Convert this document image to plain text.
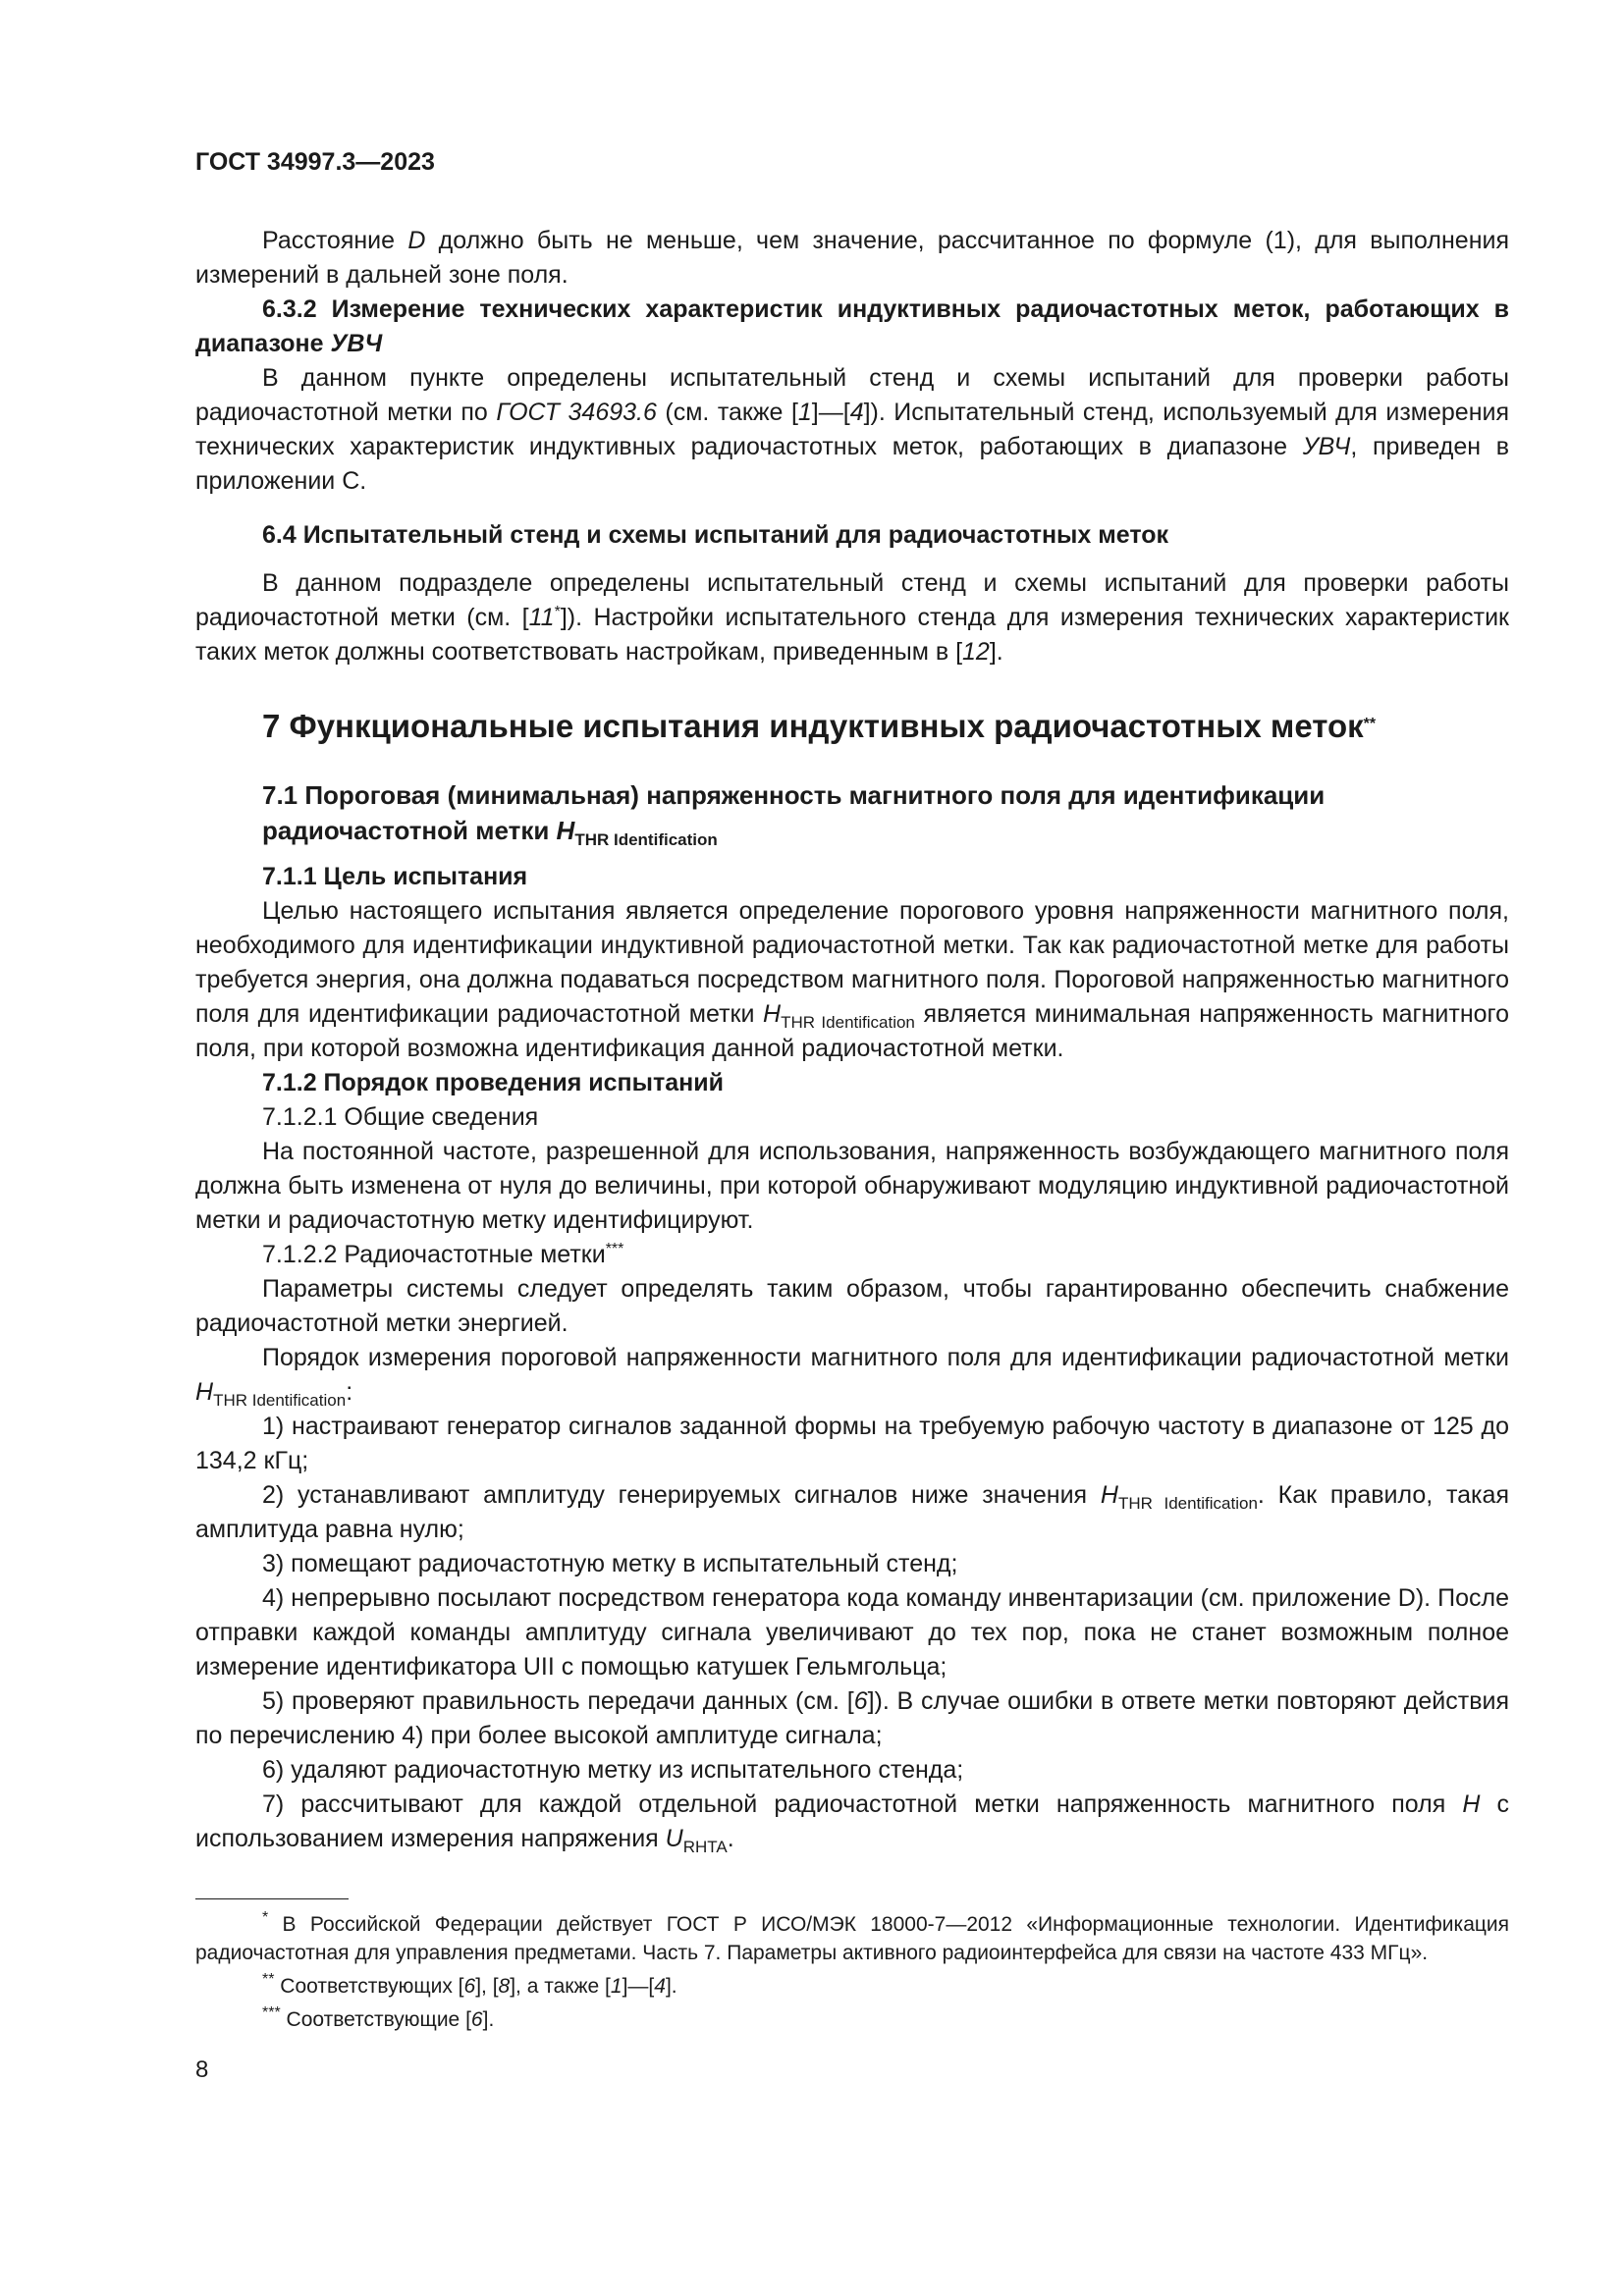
ГОСТ 34997.3—2023

Расстояние D должно быть не меньше, чем значение, рассчитанное по формуле (1), для выполнения измерений в дальней зоне поля.

6.3.2 Измерение технических характеристик индуктивных радиочастотных меток, работающих в диапазоне УВЧ

В данном пункте определены испытательный стенд и схемы испытаний для проверки работы радиочастотной метки по ГОСТ 34693.6 (см. также [1]—[4]). Испытательный стенд, используемый для измерения технических характеристик индуктивных радиочастотных меток, работающих в диапазоне УВЧ, приведен в приложении С.

6.4 Испытательный стенд и схемы испытаний для радиочастотных меток

В данном подразделе определены испытательный стенд и схемы испытаний для проверки работы радиочастотной метки (см. [11*]). Настройки испытательного стенда для измерения технических характеристик таких меток должны соответствовать настройкам, приведенным в [12].

7 Функциональные испытания индуктивных радиочастотных меток**
7.1 Пороговая (минимальная) напряженность магнитного поля для идентификации радиочастотной метки $H_{THR Identification}$

7.1.1 Цель испытания

Целью настоящего испытания является определение порогового уровня напряженности магнитного поля, необходимого для идентификации индуктивной радиочастотной метки. Так как радиочастотной метке для работы требуется энергия, она должна подаваться посредством магнитного поля. Пороговой напряженностью магнитного поля для идентификации радиочастотной метки $H_{THR Identification}$ является минимальная напряженность магнитного поля, при которой возможна идентификация данной радиочастотной метки.

7.1.2 Порядок проведения испытаний

7.1.2.1 Общие сведения

На постоянной частоте, разрешенной для использования, напряженность возбуждающего магнитного поля должна быть изменена от нуля до величины, при которой обнаруживают модуляцию индуктивной радиочастотной метки и радиочастотную метку идентифицируют.

7.1.2.2 Радиочастотные метки***

Параметры системы следует определять таким образом, чтобы гарантированно обеспечить снабжение радиочастотной метки энергией.

Порядок измерения пороговой напряженности магнитного поля для идентификации радиочастотной метки $H_{THR Identification}$:

1) настраивают генератор сигналов заданной формы на требуемую рабочую частоту в диапазоне от 125 до 134,2 кГц;

2) устанавливают амплитуду генерируемых сигналов ниже значения $H_{THR Identification}$. Как правило, такая амплитуда равна нулю;

3) помещают радиочастотную метку в испытательный стенд;

4) непрерывно посылают посредством генератора кода команду инвентаризации (см. приложение D). После отправки каждой команды амплитуду сигнала увеличивают до тех пор, пока не станет возможным полное измерение идентификатора UII с помощью катушек Гельмгольца;

5) проверяют правильность передачи данных (см. [6]). В случае ошибки в ответе метки повторяют действия по перечислению 4) при более высокой амплитуде сигнала;

6) удаляют радиочастотную метку из испытательного стенда;

7) рассчитывают для каждой отдельной радиочастотной метки напряженность магнитного поля H с использованием измерения напряжения $U_{RHTA}$.

* В Российской Федерации действует ГОСТ Р ИСО/МЭК 18000-7—2012 «Информационные технологии. Идентификация радиочастотная для управления предметами. Часть 7. Параметры активного радиоинтерфейса для связи на частоте 433 МГц».

** Соответствующих [6], [8], а также [1]—[4].

*** Соответствующие [6].

8
